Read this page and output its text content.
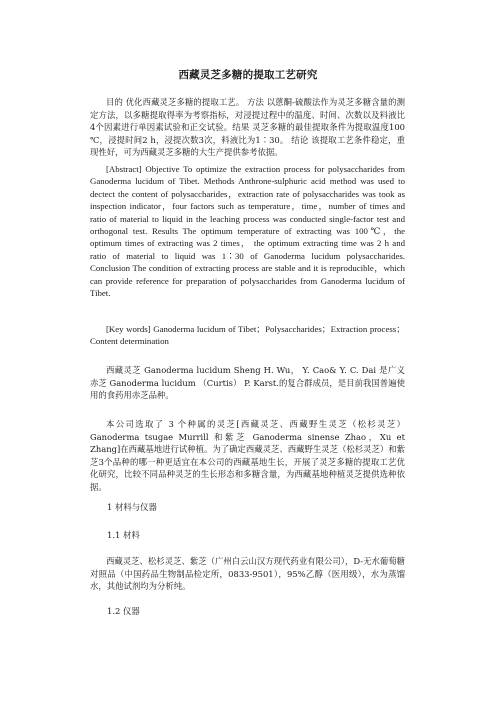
西藏灵芝多糖的提取工艺研究

目的 优化西藏灵芝多糖的提取工艺。 方法 以蒽酮-硫酸法作为灵芝多糖含量的测定方法，以多糖提取得率为考察指标，对浸提过程中的温度、时间、次数以及料液比4个因素进行单因素试验和正交试验。结果 灵芝多糖的最佳提取条件为提取温度100 ℃，浸提时间2 h，浸提次数3次，料液比为1∶30。 结论 该提取工艺条件稳定，重现性好，可为西藏灵芝多糖的大生产提供参考依据。

[Abstract] Objective To optimize the extraction process for polysaccharides from Ganoderma lucidum of Tibet. Methods Anthrone-sulphuric acid method was used to dectect the content of polysaccharides，extraction rate of polysaccharides was took as inspection indicator，four factors such as temperature，time，number of times and ratio of material to liquid in the leaching process was conducted single-factor test and orthogonal test. Results The optimum temperature of extracting was 100℃，the optimum times of extracting was 2 times， the optimum extracting time was 2 h and ratio of material to liquid was 1∶30 of Ganoderma lucidum polysaccharides. Conclusion The condition of extracting process are stable and it is reproducible，which can provide reference for preparation of polysaccharides from Ganoderma lucidum of Tibet.

[Key words] Ganoderma lucidum of Tibet；Polysaccharides；Extraction process；Content determination

西藏灵芝 Ganoderma lucidum Sheng H. Wu， Y. Cao& Y. C. Dai 是广义赤芝 Ganoderma lucidum （Curtis） P. Karst.的复合群成员，是目前我国普遍使用的食药用赤芝品种。

本公司选取了 3 个种属的灵芝[西藏灵芝、西藏野生灵芝（松杉灵芝）Ganoderma tsugae Murrill 和紫芝 Ganoderma sinense Zhao，Xu et Zhang]在西藏基地进行试种植。为了确定西藏灵芝、西藏野生灵芝（松杉灵芝）和紫芝3个品种的哪一种更适宜在本公司的西藏基地生长，开展了灵芝多糖的提取工艺优化研究，比较不同品种灵芝的生长形态和多糖含量，为西藏基地种植灵芝提供选种依据。

1 材料与仪器

1.1 材料

西藏灵芝、松杉灵芝、紫芝（广州白云山汉方现代药业有限公司），D-无水葡萄糖对照品（中国药品生物制品检定所，0833-9501），95%乙醇（医用级），水为蒸馏水，其他试剂均为分析纯。

1.2 仪器
